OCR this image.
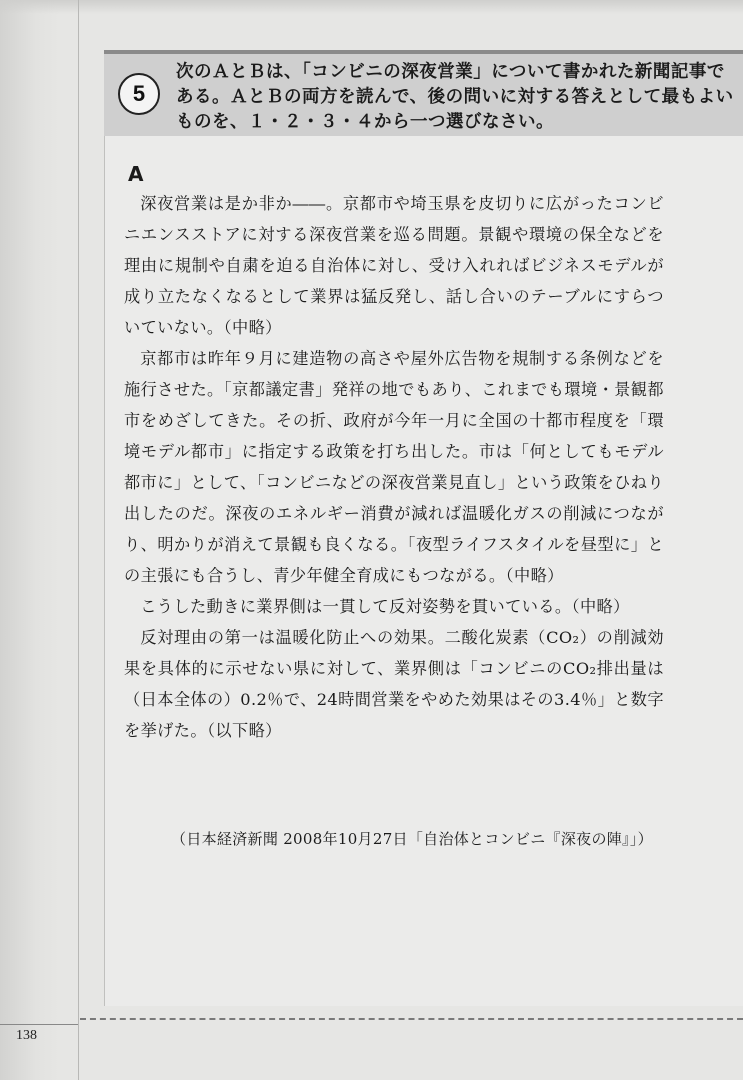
5
次のＡとＢは、「コンビニの深夜営業」について書かれた新聞記事である。ＡとＢの両方を読んで、後の問いに対する答えとして最もよいものを、１・２・３・４から一つ選びなさい。
A

深夜営業は是か非か――。京都市や埼玉県を皮切りに広がったコンビニエンスストアに対する深夜営業を巡る問題。景観や環境の保全などを理由に規制や自粛を迫る自治体に対し、受け入れればビジネスモデルが成り立たなくなるとして業界は猛反発し、話し合いのテーブルにすらついていない。（中略）

京都市は昨年９月に建造物の高さや屋外広告物を規制する条例などを施行させた。「京都議定書」発祥の地でもあり、これまでも環境・景観都市をめざしてきた。その折、政府が今年一月に全国の十都市程度を「環境モデル都市」に指定する政策を打ち出した。市は「何としてもモデル都市に」として、「コンビニなどの深夜営業見直し」という政策をひねり出したのだ。深夜のエネルギー消費が減れば温暖化ガスの削減につながり、明かりが消えて景観も良くなる。「夜型ライフスタイルを昼型に」との主張にも合うし、青少年健全育成にもつながる。（中略）

こうした動きに業界側は一貫して反対姿勢を貫いている。（中略）

反対理由の第一は温暖化防止への効果。二酸化炭素（CO₂）の削減効果を具体的に示せない県に対して、業界側は「コンビニのCO₂排出量は（日本全体の）0.2％で、24時間営業をやめた効果はその3.4％」と数字を挙げた。（以下略）

（日本経済新聞 2008年10月27日「自治体とコンビニ『深夜の陣』」）
138
